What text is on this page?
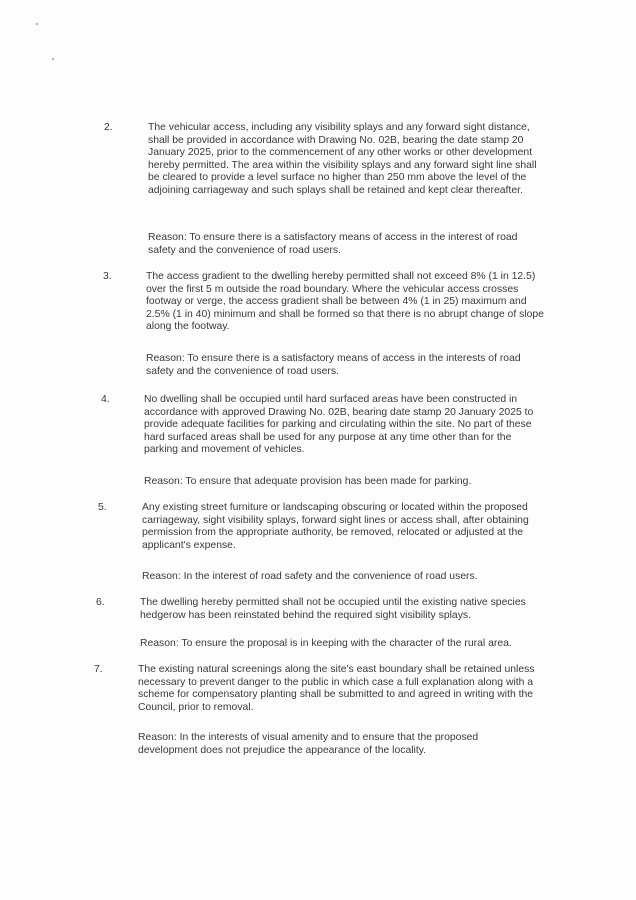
2.	The vehicular access, including any visibility splays and any forward sight distance, shall be provided in accordance with Drawing No. 02B, bearing the date stamp 20 January 2025, prior to the commencement of any other works or other development hereby permitted. The area within the visibility splays and any forward sight line shall be cleared to provide a level surface no higher than 250 mm above the level of the adjoining carriageway and such splays shall be retained and kept clear thereafter.

Reason: To ensure there is a satisfactory means of access in the interest of road safety and the convenience of road users.

3.	The access gradient to the dwelling hereby permitted shall not exceed 8% (1 in 12.5) over the first 5 m outside the road boundary. Where the vehicular access crosses footway or verge, the access gradient shall be between 4% (1 in 25) maximum and 2.5% (1 in 40) minimum and shall be formed so that there is no abrupt change of slope along the footway.

Reason: To ensure there is a satisfactory means of access in the interests of road safety and the convenience of road users.

4.	No dwelling shall be occupied until hard surfaced areas have been constructed in accordance with approved Drawing No. 02B, bearing date stamp 20 January 2025 to provide adequate facilities for parking and circulating within the site. No part of these hard surfaced areas shall be used for any purpose at any time other than for the parking and movement of vehicles.

Reason: To ensure that adequate provision has been made for parking.

5.	Any existing street furniture or landscaping obscuring or located within the proposed carriageway, sight visibility splays, forward sight lines or access shall, after obtaining permission from the appropriate authority, be removed, relocated or adjusted at the applicant's expense.

Reason: In the interest of road safety and the convenience of road users.

6.	The dwelling hereby permitted shall not be occupied until the existing native species hedgerow has been reinstated behind the required sight visibility splays.

Reason: To ensure the proposal is in keeping with the character of the rural area.

7.	The existing natural screenings along the site's east boundary shall be retained unless necessary to prevent danger to the public in which case a full explanation along with a scheme for compensatory planting shall be submitted to and agreed in writing with the Council, prior to removal.

Reason: In the interests of visual amenity and to ensure that the proposed development does not prejudice the appearance of the locality.
